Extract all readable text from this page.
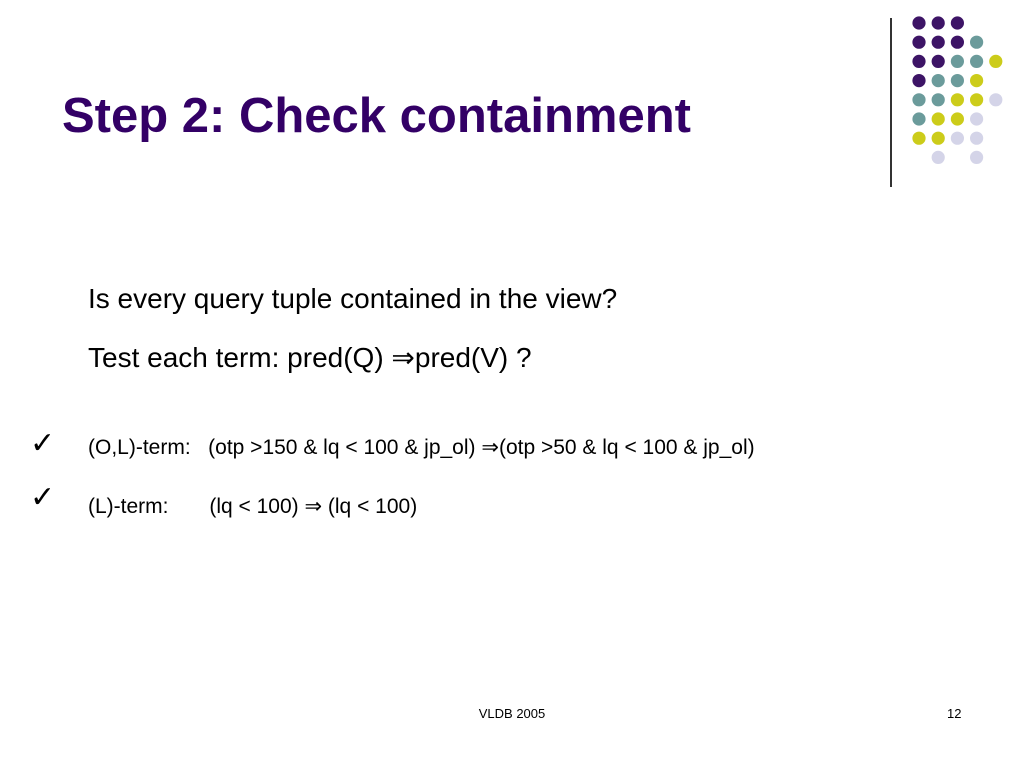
Step 2: Check containment
Is every query tuple contained in the view?
Test each term: pred(Q) ⇒pred(V) ?
✓ (O,L)-term:   (otp >150 & lq < 100 & jp_ol) ⇒(otp >50 & lq < 100 & jp_ol)
✓ (L)-term:       (lq < 100) ⇒ (lq < 100)
VLDB 2005	12
